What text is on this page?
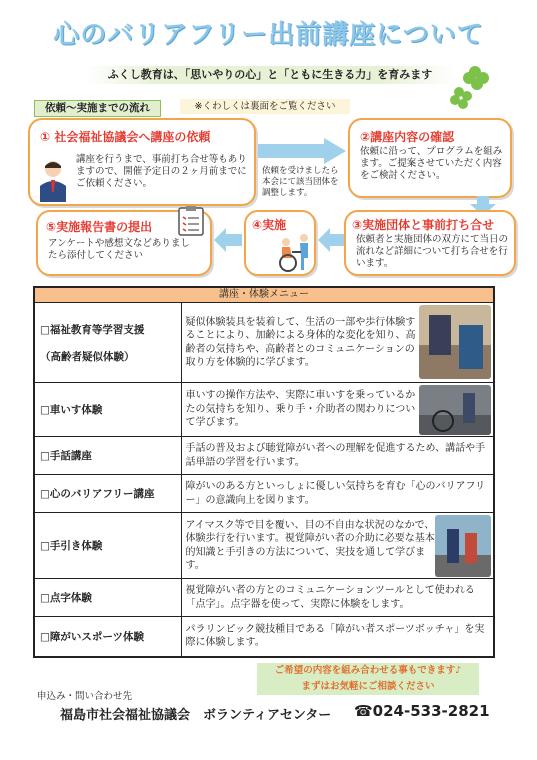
心のバリアフリー出前講座について
ふくし教育は、「思いやりの心」と「ともに生きる力」を育みます
依頼～実施までの流れ	※くわしくは裏面をご覧ください
① 社会福祉協議会へ講座の依頼
講座を行うまで、事前打ち合せ等もありますので、開催予定日の２ヶ月前までにご依頼ください。
依頼を受けましたら本会にて該当団体を調整します。
②講座内容の確認
依頼に沿って、プログラムを組みます。ご提案させていただく内容をご検討ください。
③実施団体と事前打ち合せ
依頼者と実施団体の双方にて当日の流れなど詳細について打ち合せを行います。
④実施
⑤実施報告書の提出
アンケートや感想文などありましたら添付してください
講座・体験メニュー	

□福祉教育等学習支援
（高齢者疑似体験）	疑似体験装具を装着して、生活の一部や歩行体験することにより、加齢による身体的な変化を知り、高齢者の気持ちや、高齢者とのコミュニケーションの取り方を体験的に学びます。

□車いす体験	車いすの操作方法や、実際に車いすを乗っているかたの気持ちを知り、乗り手・介助者の関わりについて学びます。

□手話講座	手話の普及および聴覚障がい者への理解を促進するため、講話や手話単語の学習を行います。
□心のバリアフリー講座	障がいのある方といっしょに優しい気持ちを育む「心のバリアフリー」の意識向上を図ります。
□手引き体験	アイマスク等で目を覆い、目の不自由な状況のなかで、体験歩行を行います。視覚障がい者の介助に必要な基本的知識と手引きの方法について、実技を通して学びます。

□点字体験	視覚障がい者の方とのコミュニケーションツールとして使われる「点字」。点字器を使って、実際に体験をします。
□障がいスポーツ体験	パラリンピック競技種目である「障がい者スポーツボッチャ」を実際に体験します。
ご希望の内容を組み合わせる事もできます♪
まずはお気軽にご相談ください
申込み・問い合わせ先
福島市社会福祉協議会　ボランティアセンター ☎024-533-2821
